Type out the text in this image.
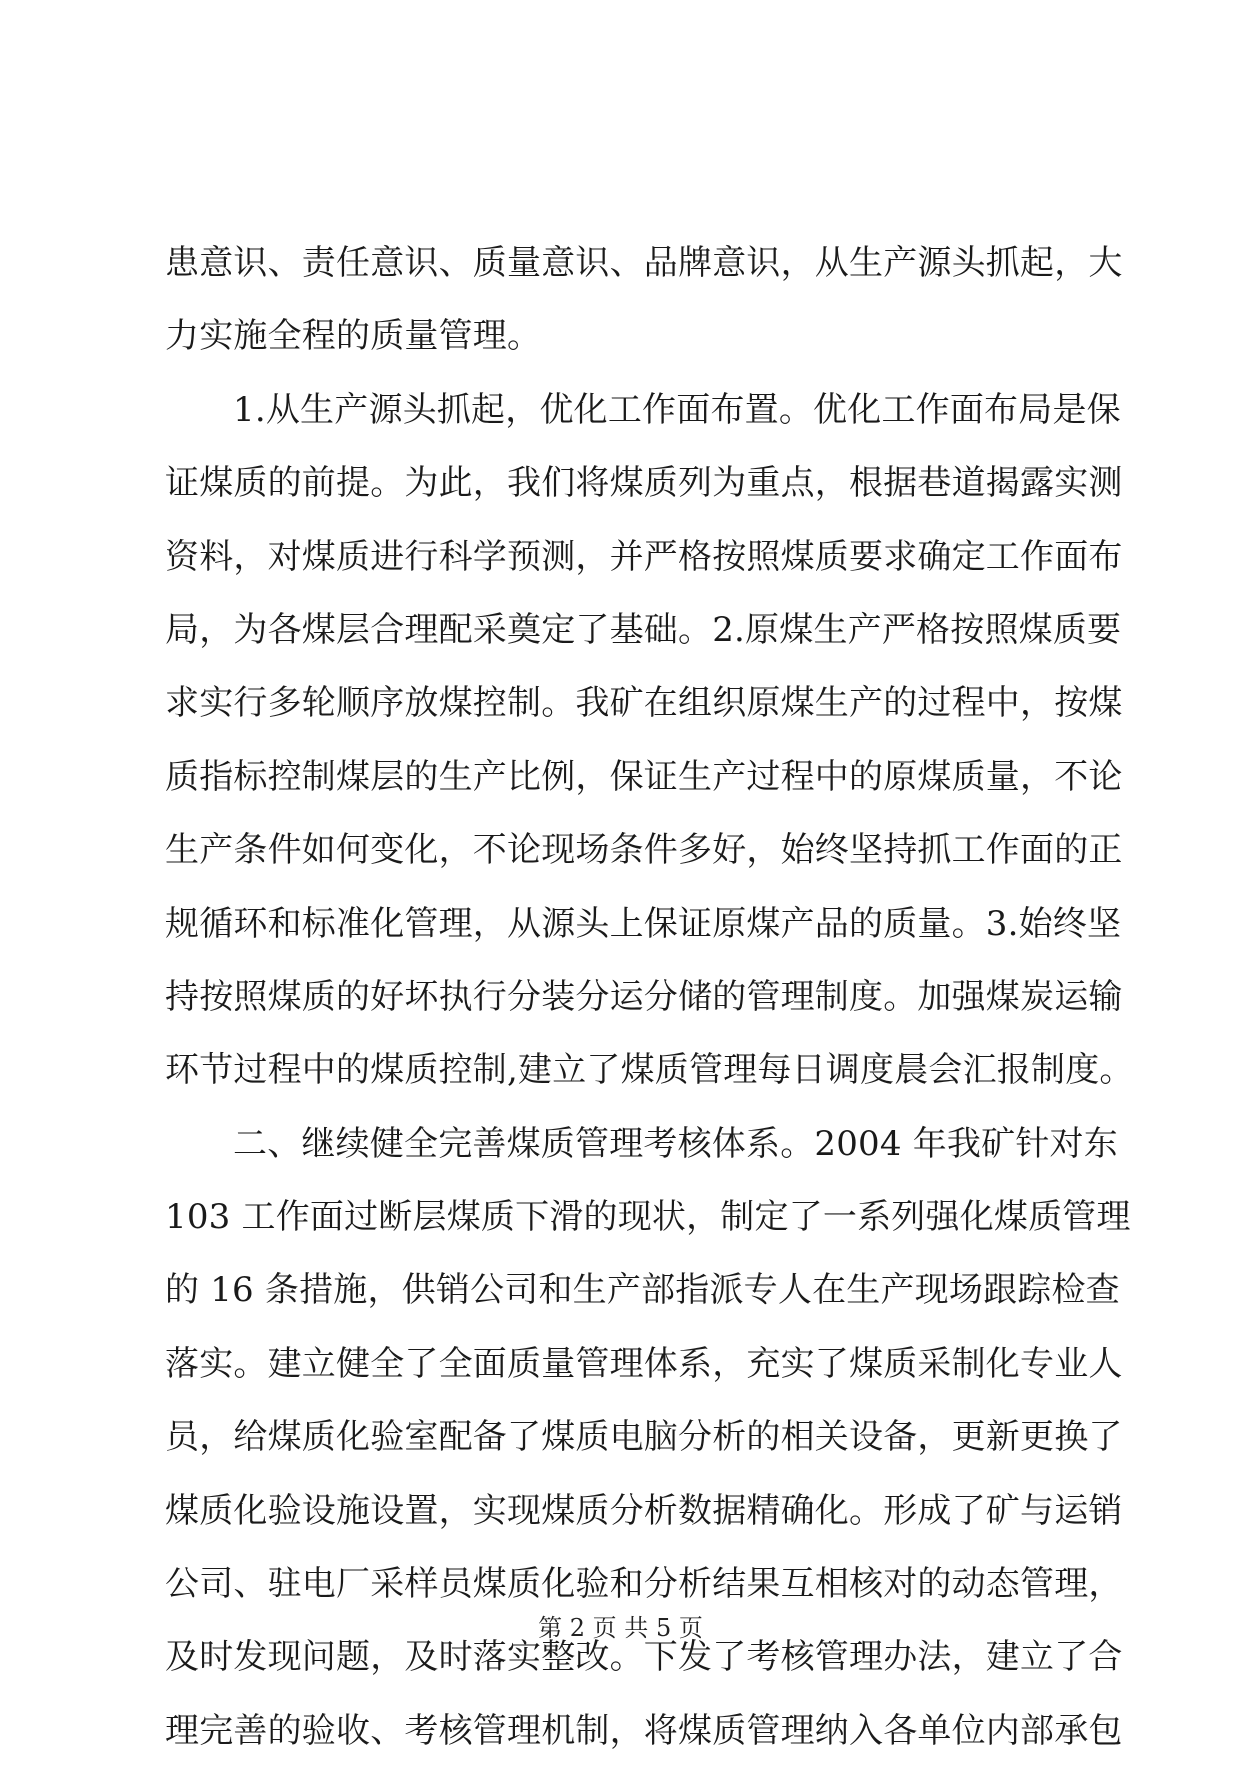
患意识、责任意识、质量意识、品牌意识，从生产源头抓起，大
力实施全程的质量管理。
1.从生产源头抓起，优化工作面布置。优化工作面布局是保
证煤质的前提。为此，我们将煤质列为重点，根据巷道揭露实测
资料，对煤质进行科学预测，并严格按照煤质要求确定工作面布
局，为各煤层合理配采奠定了基础。2.原煤生产严格按照煤质要
求实行多轮顺序放煤控制。我矿在组织原煤生产的过程中，按煤
质指标控制煤层的生产比例，保证生产过程中的原煤质量，不论
生产条件如何变化，不论现场条件多好，始终坚持抓工作面的正
规循环和标准化管理，从源头上保证原煤产品的质量。3.始终坚
持按照煤质的好坏执行分装分运分储的管理制度。加强煤炭运输
环节过程中的煤质控制,建立了煤质管理每日调度晨会汇报制度。
二、继续健全完善煤质管理考核体系。2004 年我矿针对东
103 工作面过断层煤质下滑的现状，制定了一系列强化煤质管理
的 16 条措施，供销公司和生产部指派专人在生产现场跟踪检查
落实。建立健全了全面质量管理体系，充实了煤质采制化专业人
员，给煤质化验室配备了煤质电脑分析的相关设备，更新更换了
煤质化验设施设置，实现煤质分析数据精确化。形成了矿与运销
公司、驻电厂采样员煤质化验和分析结果互相核对的动态管理，
及时发现问题，及时落实整改。下发了考核管理办法，建立了合
理完善的验收、考核管理机制，将煤质管理纳入各单位内部承包
第 2 页 共 5 页
